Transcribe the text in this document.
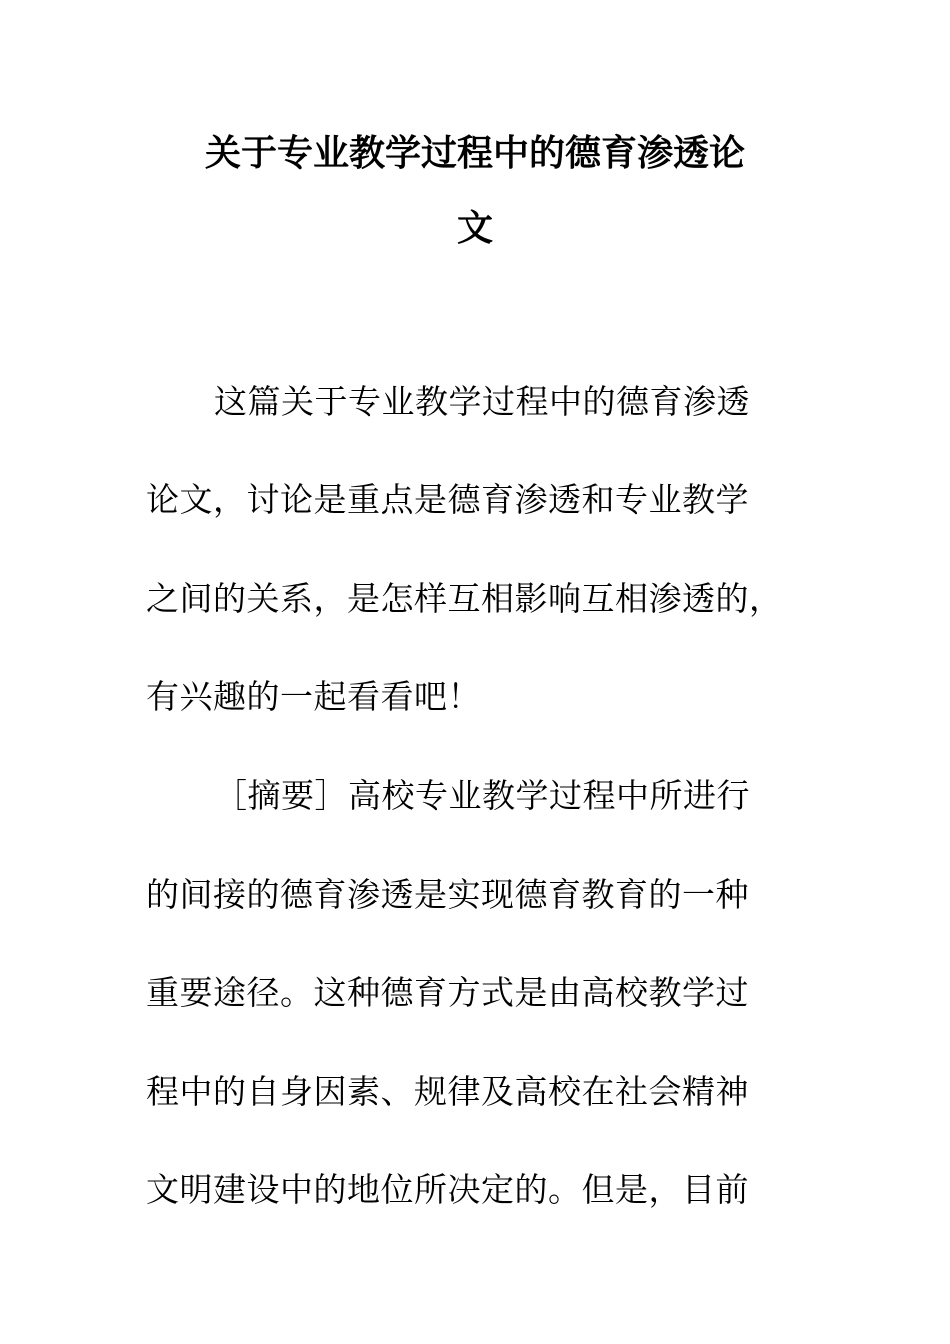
关于专业教学过程中的德育渗透论
文
这篇关于专业教学过程中的德育渗透
论文，讨论是重点是德育渗透和专业教学
之间的关系，是怎样互相影响互相渗透的，
有兴趣的一起看看吧！
［摘要］高校专业教学过程中所进行
的间接的德育渗透是实现德育教育的一种
重要途径。这种德育方式是由高校教学过
程中的自身因素、规律及高校在社会精神
文明建设中的地位所决定的。但是，目前
